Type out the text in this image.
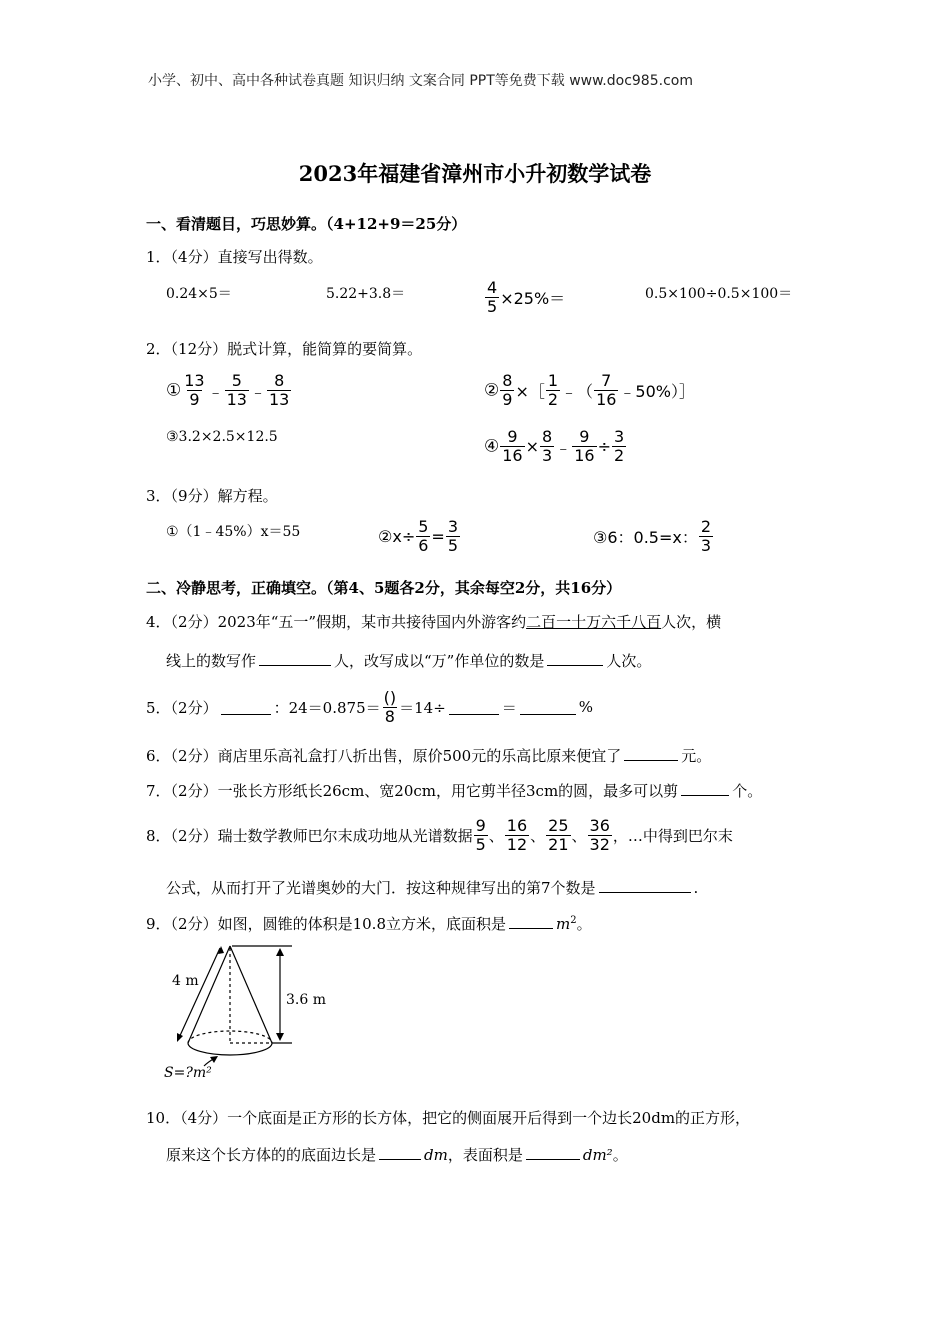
小学、初中、高中各种试卷真题 知识归纳 文案合同 PPT等免费下载 www.doc985.com
2023年福建省漳州市小升初数学试卷
一、看清题目，巧思妙算。（4+12+9＝25分）
1．（4分）直接写出得数。
0.24×5＝	5.22+3.8＝	$\frac{4}{5} \times 25\%=$	0.5×100÷0.5×100＝
2．（12分）脱式计算，能简算的要简算。
① $\frac{13}{9}$ ﹣ $\frac{5}{13}$ ﹣ $\frac{8}{13}$	② $\frac{8}{9}$ ×［ $\frac{1}{2}$ ﹣（ $\frac{7}{16}$ ﹣50%）］
③3.2×2.5×12.5	④ $\frac{9}{16} \times \frac{8}{3}$ ﹣ $\frac{9}{16} \div \frac{3}{2}$
3．（9分）解方程。
①（1﹣45%）x＝55	②x÷ $\frac{5}{6} = \frac{3}{5}$	③6：0.5=x： $\frac{2}{3}$
二、冷静思考，正确填空。（第4、5题各2分，其余每空2分，共16分）
4．（2分）2023年“五一”假期，某市共接待国内外游客约二百一十万六千八百人次，横
线上的数写作	人，改写成以“万”作单位的数是	人次。
5．（2分）	：$24=0.875= \frac{()}{8} =14\div$	＝	%
6．（2分）商店里乐高礼盒打八折出售，原价500元的乐高比原来便宜了	元。
7．（2分）一张长方形纸长26cm、宽20cm，用它剪半径3cm的圆，最多可以剪	个。
8．（2分）瑞士数学教师巴尔末成功地从光谱数据 $\frac{9}{5}$ 、 $\frac{16}{12}$ 、 $\frac{25}{21}$ 、 $\frac{36}{32}$ ，…中得到巴尔末
公式，从而打开了光谱奥妙的大门．按这种规律写出的第7个数是	.
9．（2分）如图，圆锥的体积是10.8立方米，底面积是	$m^2$。
4 m
3.6 m
S=?m²
10．（4分）一个底面是正方形的长方体，把它的侧面展开后得到一个边长20dm的正方形，
原来这个长方体的的底面边长是	dm，表面积是	dm²。
